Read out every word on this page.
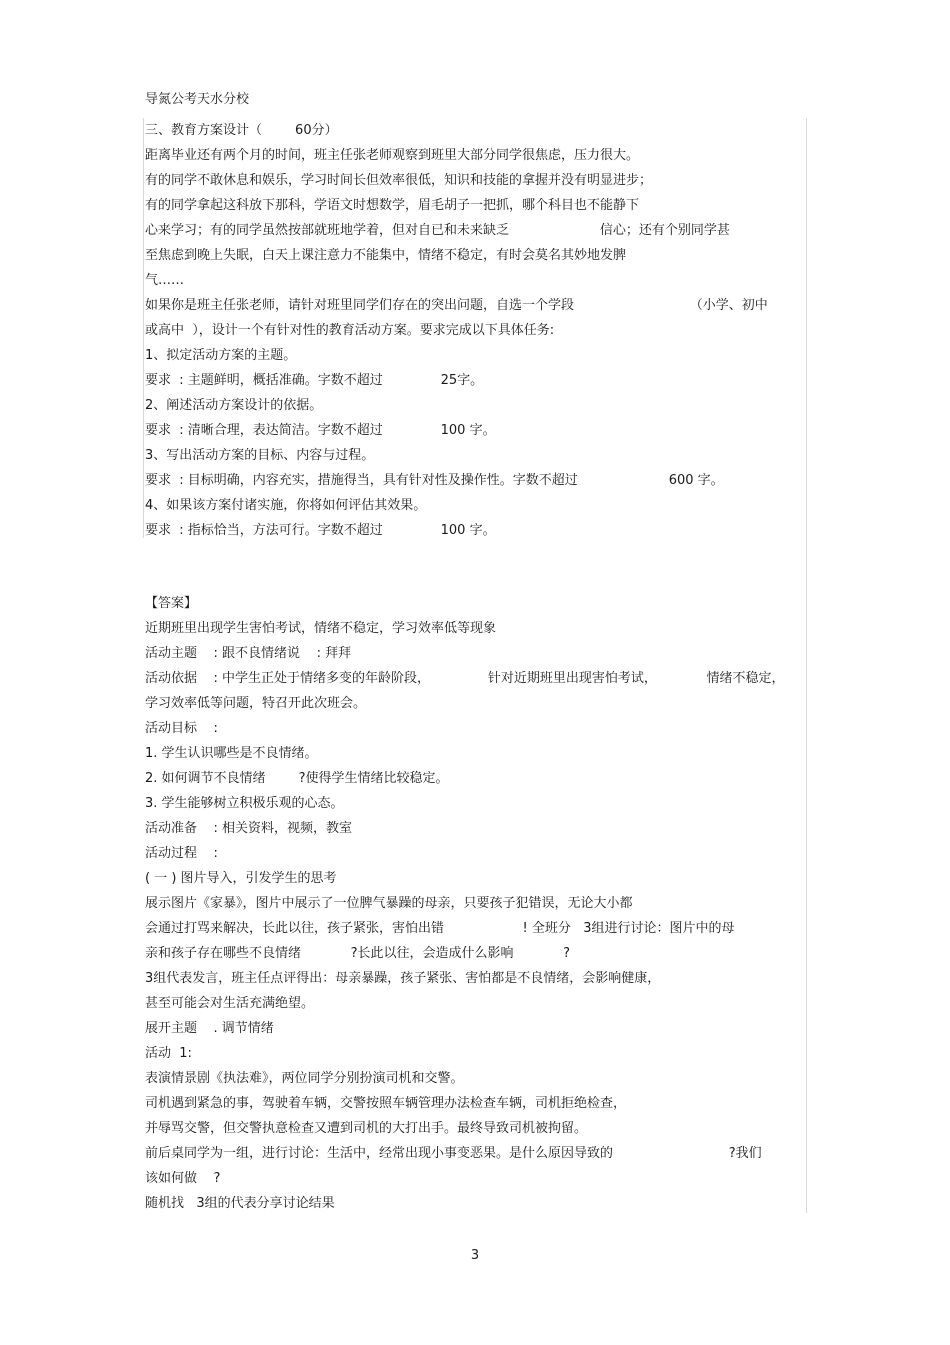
导氮公考天水分校
三、教育方案设计（        60分）
距离毕业还有两个月的时间，班主任张老师观察到班里大部分同学很焦虑，压力很大。
有的同学不敢休息和娱乐，学习时间长但效率很低，知识和技能的拿握并没有明显进步；
有的同学拿起这科放下那科，学语文时想数学，眉毛胡子一把抓，哪个科目也不能静下
心来学习；有的同学虽然按部就班地学着，但对自已和未来缺乏                      信心；还有个别同学甚
至焦虑到晚上失眠，白天上课注意力不能集中，情绪不稳定，有时会莫名其妙地发脾
气……
如果你是班主任张老师，请针对班里同学们存在的突出问题，自选一个学段                            （小学、初中
或高中  ），设计一个有针对性的教育活动方案。要求完成以下具体任务:
1、拟定活动方案的主题。
要求  : 主题鲜明，概括准确。字数不超过              25字。
2、阐述活动方案设计的依据。
要求  : 清晰合理，表达简洁。字数不超过              100 字。
3、写出活动方案的目标、内容与过程。
要求  : 目标明确，内容充实，措施得当，具有针对性及操作性。字数不超过                      600 字。
4、如果该方案付诸实施，你将如何评估其效果。
要求  : 指标恰当，方法可行。字数不超过              100 字。
【答案】
近期班里出现学生害怕考试，情绪不稳定，学习效率低等现象
活动主题    : 跟不良情绪说    : 拜拜
活动依据    : 中学生正处于情绪多变的年龄阶段，              针对近期班里出现害怕考试，            情绪不稳定，
学习效率低等问题，特召开此次班会。
活动目标    :
1. 学生认识哪些是不良情绪。
2. 如何调节不良情绪        ?使得学生情绪比较稳定。
3. 学生能够树立积极乐观的心态。
活动准备    : 相关资料，视频，教室
活动过程    :
( 一 ) 图片导入，引发学生的思考
展示图片《家暴》，图片中展示了一位脾气暴躁的母亲，只要孩子犯错误，无论大小都
会通过打骂来解决，长此以往，孩子紧张，害怕出错                   ! 全班分   3组进行讨论：图片中的母
亲和孩子存在哪些不良情绪            ?长此以往，会造成什么影响            ?
3组代表发言，班主任点评得出：母亲暴躁，孩子紧张、害怕都是不良情绪，会影响健康，
甚至可能会对生活充满绝望。
展开主题    . 调节情绪
活动  1:
表演情景剧《执法难》，两位同学分别扮演司机和交警。
司机遇到紧急的事，驾驶着车辆，交警按照车辆管理办法检查车辆，司机拒绝检查，
并辱骂交警，但交警执意检查又遭到司机的大打出手。最终导致司机被拘留。
前后桌同学为一组，进行讨论：生活中，经常出现小事变恶果。是什么原因导致的                            ?我们
该如何做    ?
随机找   3组的代表分享讨论结果
3
